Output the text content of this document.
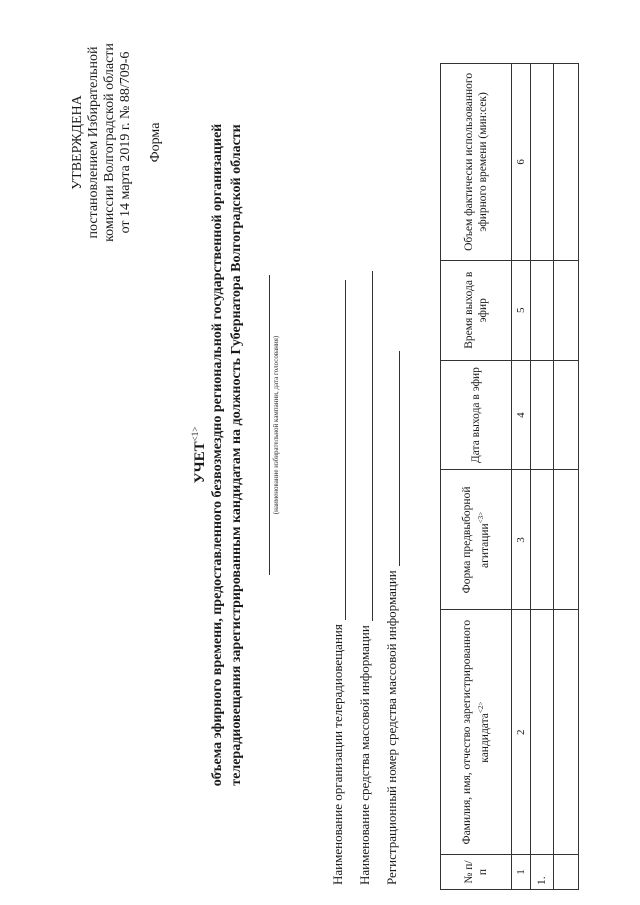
УТВЕРЖДЕНА постановлением Избирательной комиссии Волгоградской области от 14 марта 2019 г. № 88/709-6 Форма
$УЧЕТ^{<1>}$ объема эфирного времени, предоставленного безвозмездно региональной государственной организацией телерадиовещания зарегистрированным кандидатам на должность Губернатора Волгоградской области	(наименование избирательной кампании, дата голосования)
Наименование организации телерадиовещания Наименование средства массовой информации Регистрационный номер средства массовой информации	№ п/п	Фамилия, имя, отчество зарегистрированного кандидата$^{<2>}$	Форма предвыборной агитации$^{<3>}$	Дата выхода в эфир	Время выхода в эфир	Объем фактически использованного эфирного времени (мин:сек)
1	2	3	4	5	6
1.					
